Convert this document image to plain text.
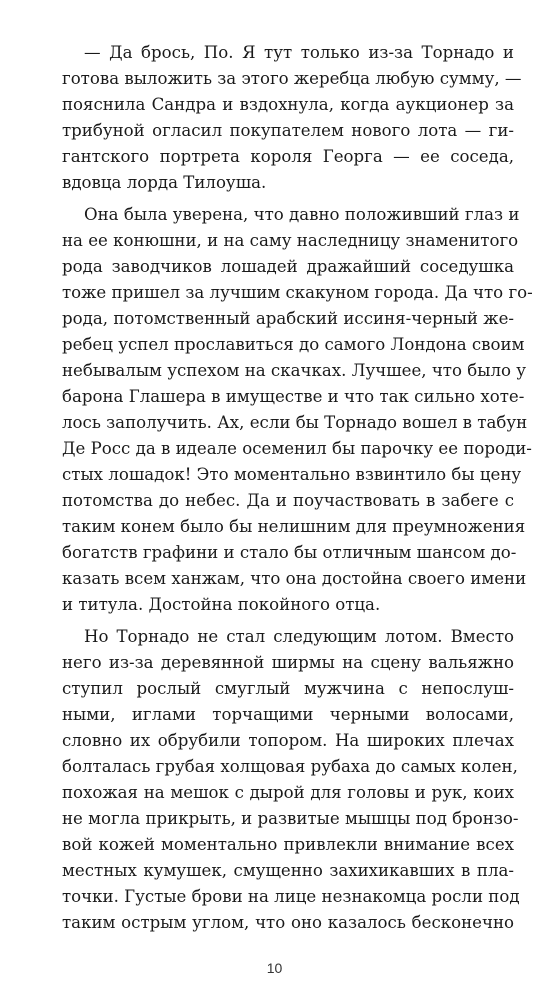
— Да брось, По. Я тут только из-за Торнадо и
готова выложить за этого жеребца любую сумму, —
пояснила Сандра и вздохнула, когда аукционер за
трибуной огласил покупателем нового лота — ги-
гантского портрета короля Георга — ее соседа,
вдовца лорда Тилоуша.

Она была уверена, что давно положивший глаз и
на ее конюшни, и на саму наследницу знаменитого
рода заводчиков лошадей дражайший соседушка
тоже пришел за лучшим скакуном города. Да что го-
рода, потомственный арабский иссиня-черный же-
ребец успел прославиться до самого Лондона своим
небывалым успехом на скачках. Лучшее, что было у
барона Глашера в имуществе и что так сильно хоте-
лось заполучить. Ах, если бы Торнадо вошел в табун
Де Росс да в идеале осеменил бы парочку ее породи-
стых лошадок! Это моментально взвинтило бы цену
потомства до небес. Да и поучаствовать в забеге с
таким конем было бы нелишним для преумножения
богатств графини и стало бы отличным шансом до-
казать всем ханжам, что она достойна своего имени
и титула. Достойна покойного отца.

Но Торнадо не стал следующим лотом. Вместо
него из-за деревянной ширмы на сцену вальяжно
ступил рослый смуглый мужчина с непослуш-
ными, иглами торчащими черными волосами,
словно их обрубили топором. На широких плечах
болталась грубая холщовая рубаха до самых колен,
похожая на мешок с дырой для головы и рук, коих
не могла прикрыть, и развитые мышцы под бронзо-
вой кожей моментально привлекли внимание всех
местных кумушек, смущенно захихикавших в пла-
точки. Густые брови на лице незнакомца росли под
таким острым углом, что оно казалось бесконечно

10
